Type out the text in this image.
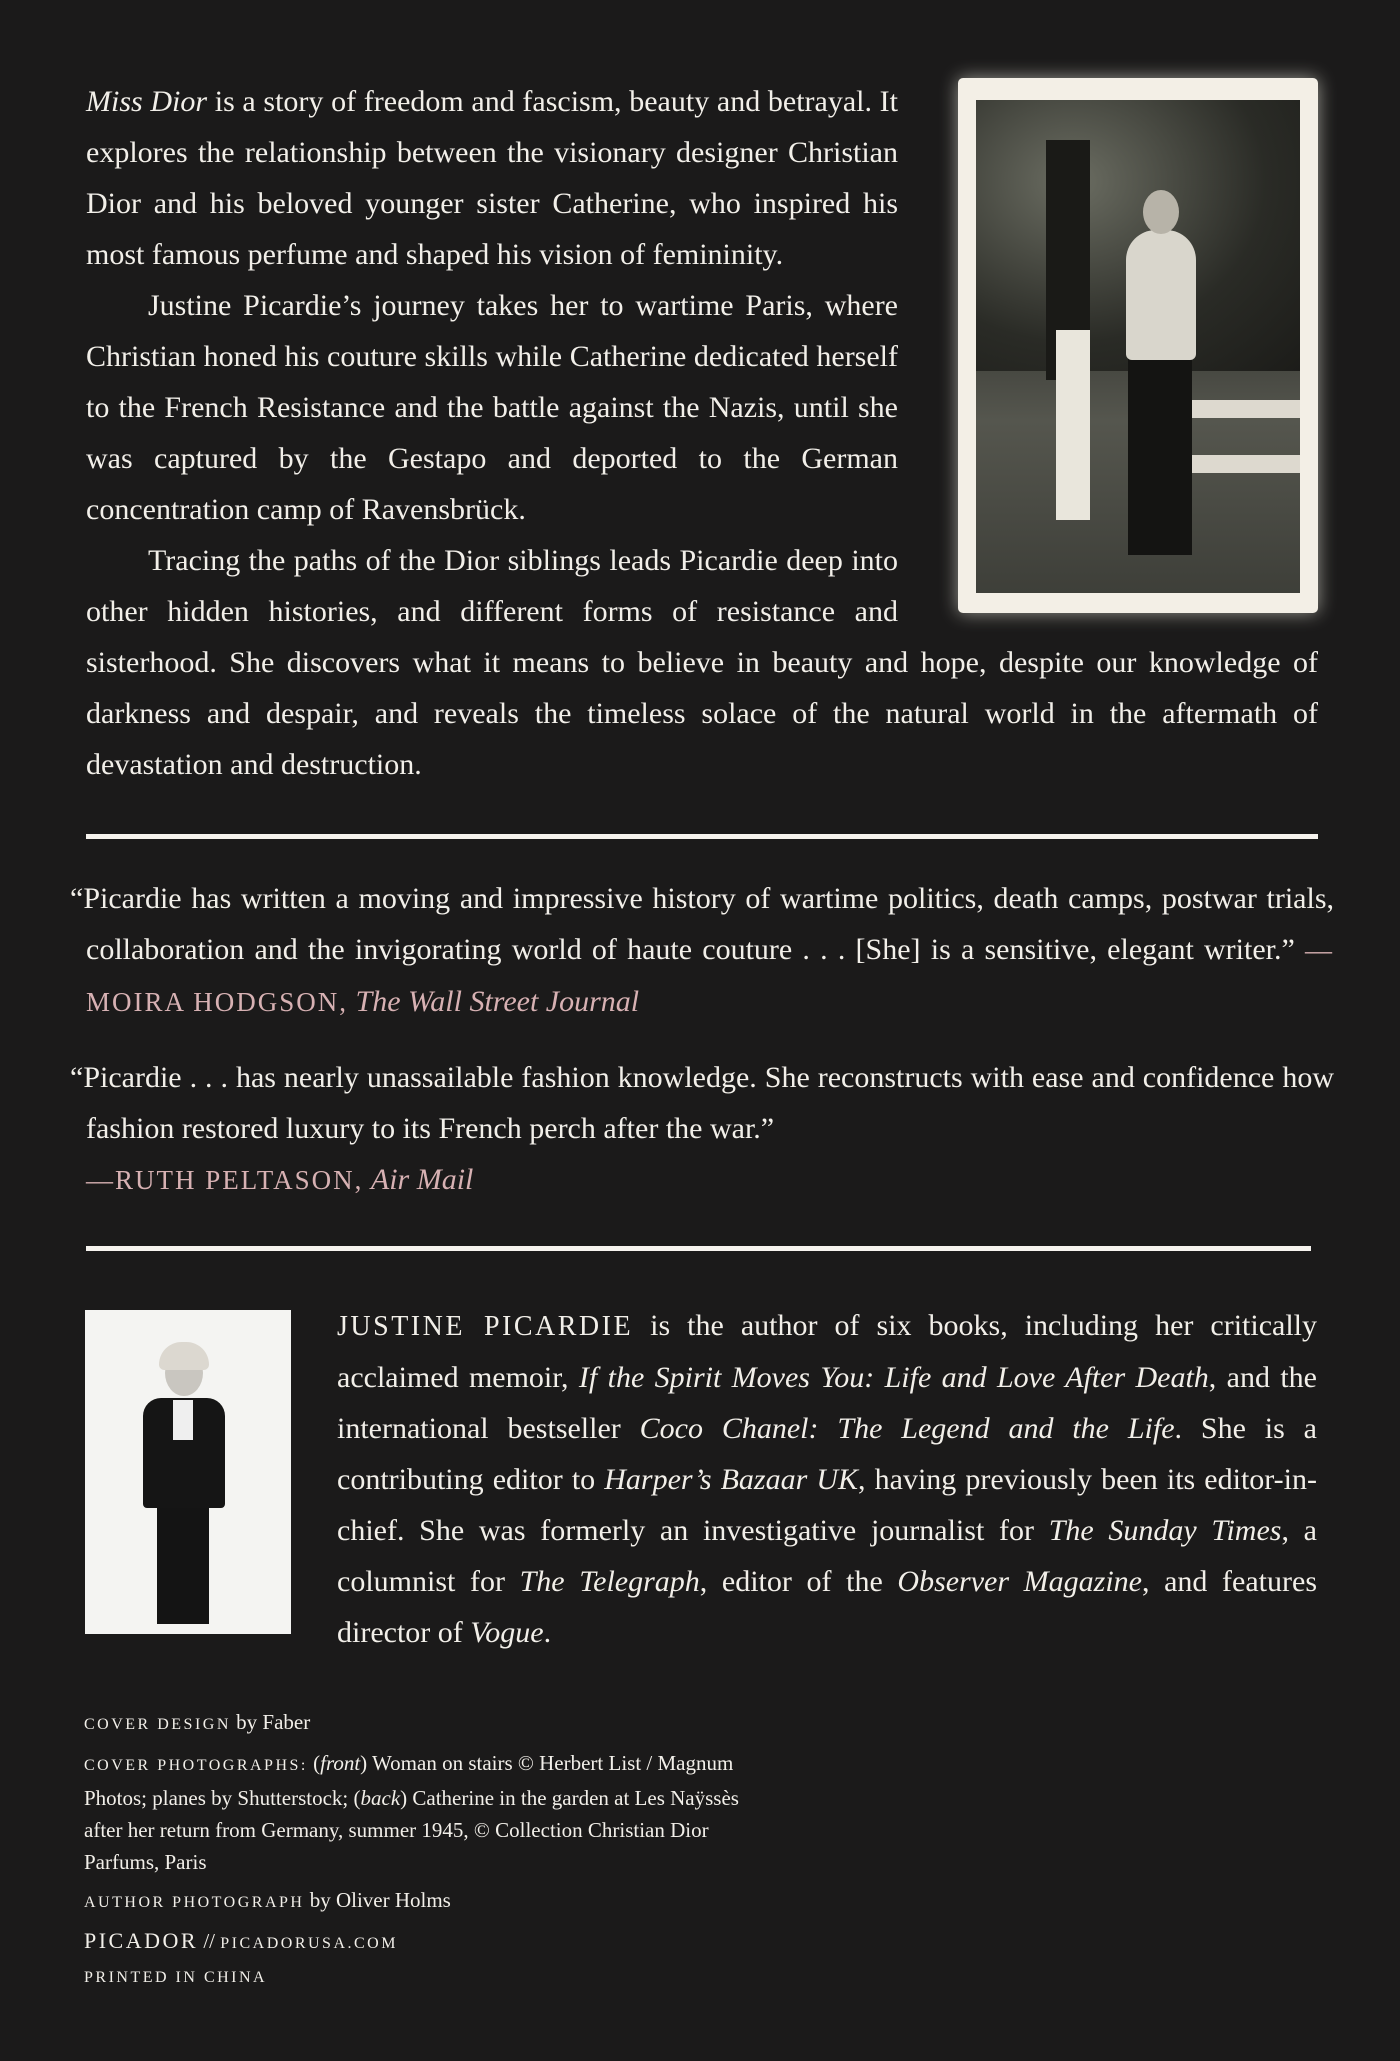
Miss Dior is a story of freedom and fascism, beauty and betrayal. It explores the relationship between the visionary designer Christian Dior and his beloved younger sister Catherine, who inspired his most famous perfume and shaped his vision of femininity.

Justine Picardie’s journey takes her to wartime Paris, where Christian honed his couture skills while Catherine dedicated herself to the French Resistance and the battle against the Nazis, until she was captured by the Gestapo and deported to the German concentration camp of Ravensbrück.

Tracing the paths of the Dior siblings leads Picardie deep into other hidden histories, and different forms of resistance and sisterhood. She discovers what it means to believe in beauty and hope, despite our knowledge of darkness and despair, and reveals the timeless solace of the natural world in the aftermath of devastation and destruction.

“Picardie has written a moving and impressive history of wartime politics, death camps, postwar trials, collaboration and the invigorating world of haute couture . . . [She] is a sensitive, elegant writer.” —MOIRA HODGSON, The Wall Street Journal

“Picardie . . . has nearly unassailable fashion knowledge. She reconstructs with ease and confidence how fashion restored luxury to its French perch after the war.”
—RUTH PELTASON, Air Mail

JUSTINE PICARDIE is the author of six books, including her critically acclaimed memoir, If the Spirit Moves You: Life and Love After Death, and the international bestseller Coco Chanel: The Legend and the Life. She is a contributing editor to Harper’s Bazaar UK, having previously been its editor-in-chief. She was formerly an investigative journalist for The Sunday Times, a columnist for The Telegraph, editor of the Observer Magazine, and features director of Vogue.

COVER DESIGN by Faber

COVER PHOTOGRAPHS: (front) Woman on stairs © Herbert List / Magnum Photos; planes by Shutterstock; (back) Catherine in the garden at Les Naÿssès after her return from Germany, summer 1945, © Collection Christian Dior Parfums, Paris

AUTHOR PHOTOGRAPH by Oliver Holms

PICADOR // PICADORUSA.COM
PRINTED IN CHINA
